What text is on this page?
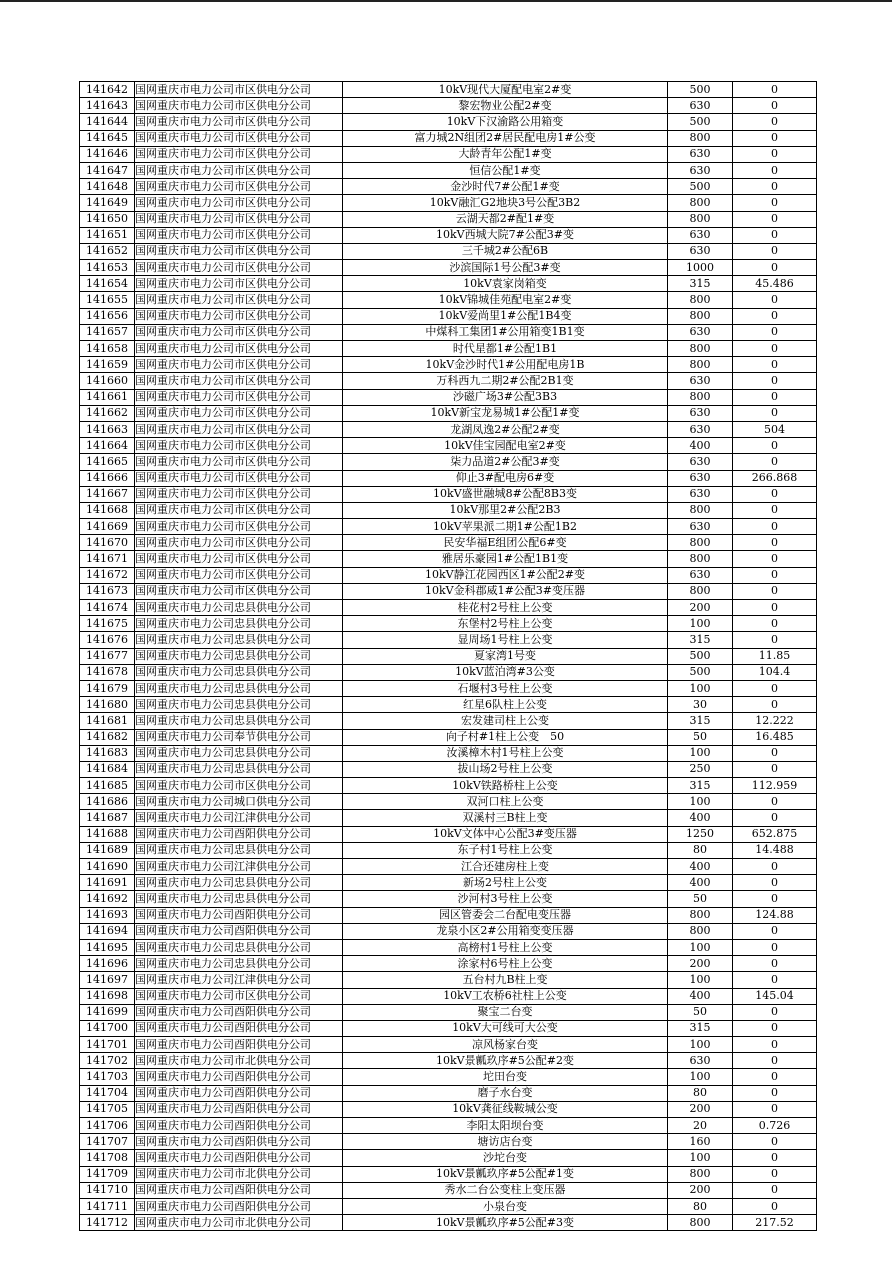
141642	国网重庆市电力公司市区供电分公司	10kV现代大厦配电室2#变	500	0
141643	国网重庆市电力公司市区供电分公司	黎宏物业公配2#变	630	0
141644	国网重庆市电力公司市区供电分公司	10kV下汉渝路公用箱变	500	0
141645	国网重庆市电力公司市区供电分公司	富力城2N组团2#居民配电房1#公变	800	0
141646	国网重庆市电力公司市区供电分公司	大龄青年公配1#变	630	0
141647	国网重庆市电力公司市区供电分公司	恒信公配1#变	630	0
141648	国网重庆市电力公司市区供电分公司	金沙时代7#公配1#变	500	0
141649	国网重庆市电力公司市区供电分公司	10kV融汇G2地块3号公配3B2	800	0
141650	国网重庆市电力公司市区供电分公司	云湖天都2#配1#变	800	0
141651	国网重庆市电力公司市区供电分公司	10kV西城大院7#公配3#变	630	0
141652	国网重庆市电力公司市区供电分公司	三千城2#公配6B	630	0
141653	国网重庆市电力公司市区供电分公司	沙滨国际1号公配3#变	1000	0
141654	国网重庆市电力公司市区供电分公司	10kV袁家岗箱变	315	45.486
141655	国网重庆市电力公司市区供电分公司	10kV锦城佳苑配电室2#变	800	0
141656	国网重庆市电力公司市区供电分公司	10kV爱尚里1#公配1B4变	800	0
141657	国网重庆市电力公司市区供电分公司	中煤科工集团1#公用箱变1B1变	630	0
141658	国网重庆市电力公司市区供电分公司	时代星都1#公配1B1	800	0
141659	国网重庆市电力公司市区供电分公司	10kV金沙时代1#公用配电房1B	800	0
141660	国网重庆市电力公司市区供电分公司	万科西九二期2#公配2B1变	630	0
141661	国网重庆市电力公司市区供电分公司	沙磁广场3#公配3B3	800	0
141662	国网重庆市电力公司市区供电分公司	10kV新宝龙易城1#公配1#变	630	0
141663	国网重庆市电力公司市区供电分公司	龙湖凤逸2#公配2#变	630	504
141664	国网重庆市电力公司市区供电分公司	10kV佳宝园配电室2#变	400	0
141665	国网重庆市电力公司市区供电分公司	柒力品道2#公配3#变	630	0
141666	国网重庆市电力公司市区供电分公司	仰止3#配电房6#变	630	266.868
141667	国网重庆市电力公司市区供电分公司	10kV盛世融城8#公配8B3变	630	0
141668	国网重庆市电力公司市区供电分公司	10kV那里2#公配2B3	800	0
141669	国网重庆市电力公司市区供电分公司	10kV苹果派二期1#公配1B2	630	0
141670	国网重庆市电力公司市区供电分公司	民安华福E组团公配6#变	800	0
141671	国网重庆市电力公司市区供电分公司	雅居乐豪园1#公配1B1变	800	0
141672	国网重庆市电力公司市区供电分公司	10kV静江花园西区1#公配2#变	630	0
141673	国网重庆市电力公司市区供电分公司	10kV金科郡威1#公配3#变压器	800	0
141674	国网重庆市电力公司忠县供电分公司	桂花村2号柱上公变	200	0
141675	国网重庆市电力公司忠县供电分公司	东堡村2号柱上公变	100	0
141676	国网重庆市电力公司忠县供电分公司	显周场1号柱上公变	315	0
141677	国网重庆市电力公司忠县供电分公司	夏家湾1号变	500	11.85
141678	国网重庆市电力公司忠县供电分公司	10kV蓝泊湾#3公变	500	104.4
141679	国网重庆市电力公司忠县供电分公司	石堰村3号柱上公变	100	0
141680	国网重庆市电力公司忠县供电分公司	红星6队柱上公变	30	0
141681	国网重庆市电力公司忠县供电分公司	宏发建司柱上公变	315	12.222
141682	国网重庆市电力公司奉节供电分公司	向子村#1柱上公变　50	50	16.485
141683	国网重庆市电力公司忠县供电分公司	汝溪樟木村1号柱上公变	100	0
141684	国网重庆市电力公司忠县供电分公司	拔山场2号柱上公变	250	0
141685	国网重庆市电力公司市区供电分公司	10kV铁路桥柱上公变	315	112.959
141686	国网重庆市电力公司城口供电分公司	双河口柱上公变	100	0
141687	国网重庆市电力公司江津供电分公司	双溪村三B柱上变	400	0
141688	国网重庆市电力公司酉阳供电分公司	10kV文体中心公配3#变压器	1250	652.875
141689	国网重庆市电力公司忠县供电分公司	东子村1号柱上公变	80	14.488
141690	国网重庆市电力公司江津供电分公司	江合还建房柱上变	400	0
141691	国网重庆市电力公司忠县供电分公司	新场2号柱上公变	400	0
141692	国网重庆市电力公司忠县供电分公司	沙河村3号柱上公变	50	0
141693	国网重庆市电力公司酉阳供电分公司	园区管委会二台配电变压器	800	124.88
141694	国网重庆市电力公司酉阳供电分公司	龙泉小区2#公用箱变变压器	800	0
141695	国网重庆市电力公司忠县供电分公司	高榜村1号柱上公变	100	0
141696	国网重庆市电力公司忠县供电分公司	涂家村6号柱上公变	200	0
141697	国网重庆市电力公司江津供电分公司	五台村九B柱上变	100	0
141698	国网重庆市电力公司市区供电分公司	10kV工农桥6社柱上公变	400	145.04
141699	国网重庆市电力公司酉阳供电分公司	聚宝二台变	50	0
141700	国网重庆市电力公司酉阳供电分公司	10kV大可线可大公变	315	0
141701	国网重庆市电力公司酉阳供电分公司	凉风杨家台变	100	0
141702	国网重庆市电力公司市北供电分公司	10kV景瓤玖序#5公配#2变	630	0
141703	国网重庆市电力公司酉阳供电分公司	坨田台变	100	0
141704	国网重庆市电力公司酉阳供电分公司	磨子水台变	80	0
141705	国网重庆市电力公司酉阳供电分公司	10kV龚征线鞍城公变	200	0
141706	国网重庆市电力公司酉阳供电分公司	李阳太阳坝台变	20	0.726
141707	国网重庆市电力公司酉阳供电分公司	塘访店台变	160	0
141708	国网重庆市电力公司酉阳供电分公司	沙坨台变	100	0
141709	国网重庆市电力公司市北供电分公司	10kV景瓤玖序#5公配#1变	800	0
141710	国网重庆市电力公司酉阳供电分公司	秀水二台公变柱上变压器	200	0
141711	国网重庆市电力公司酉阳供电分公司	小泉台变	80	0
141712	国网重庆市电力公司市北供电分公司	10kV景瓤玖序#5公配#3变	800	217.52
